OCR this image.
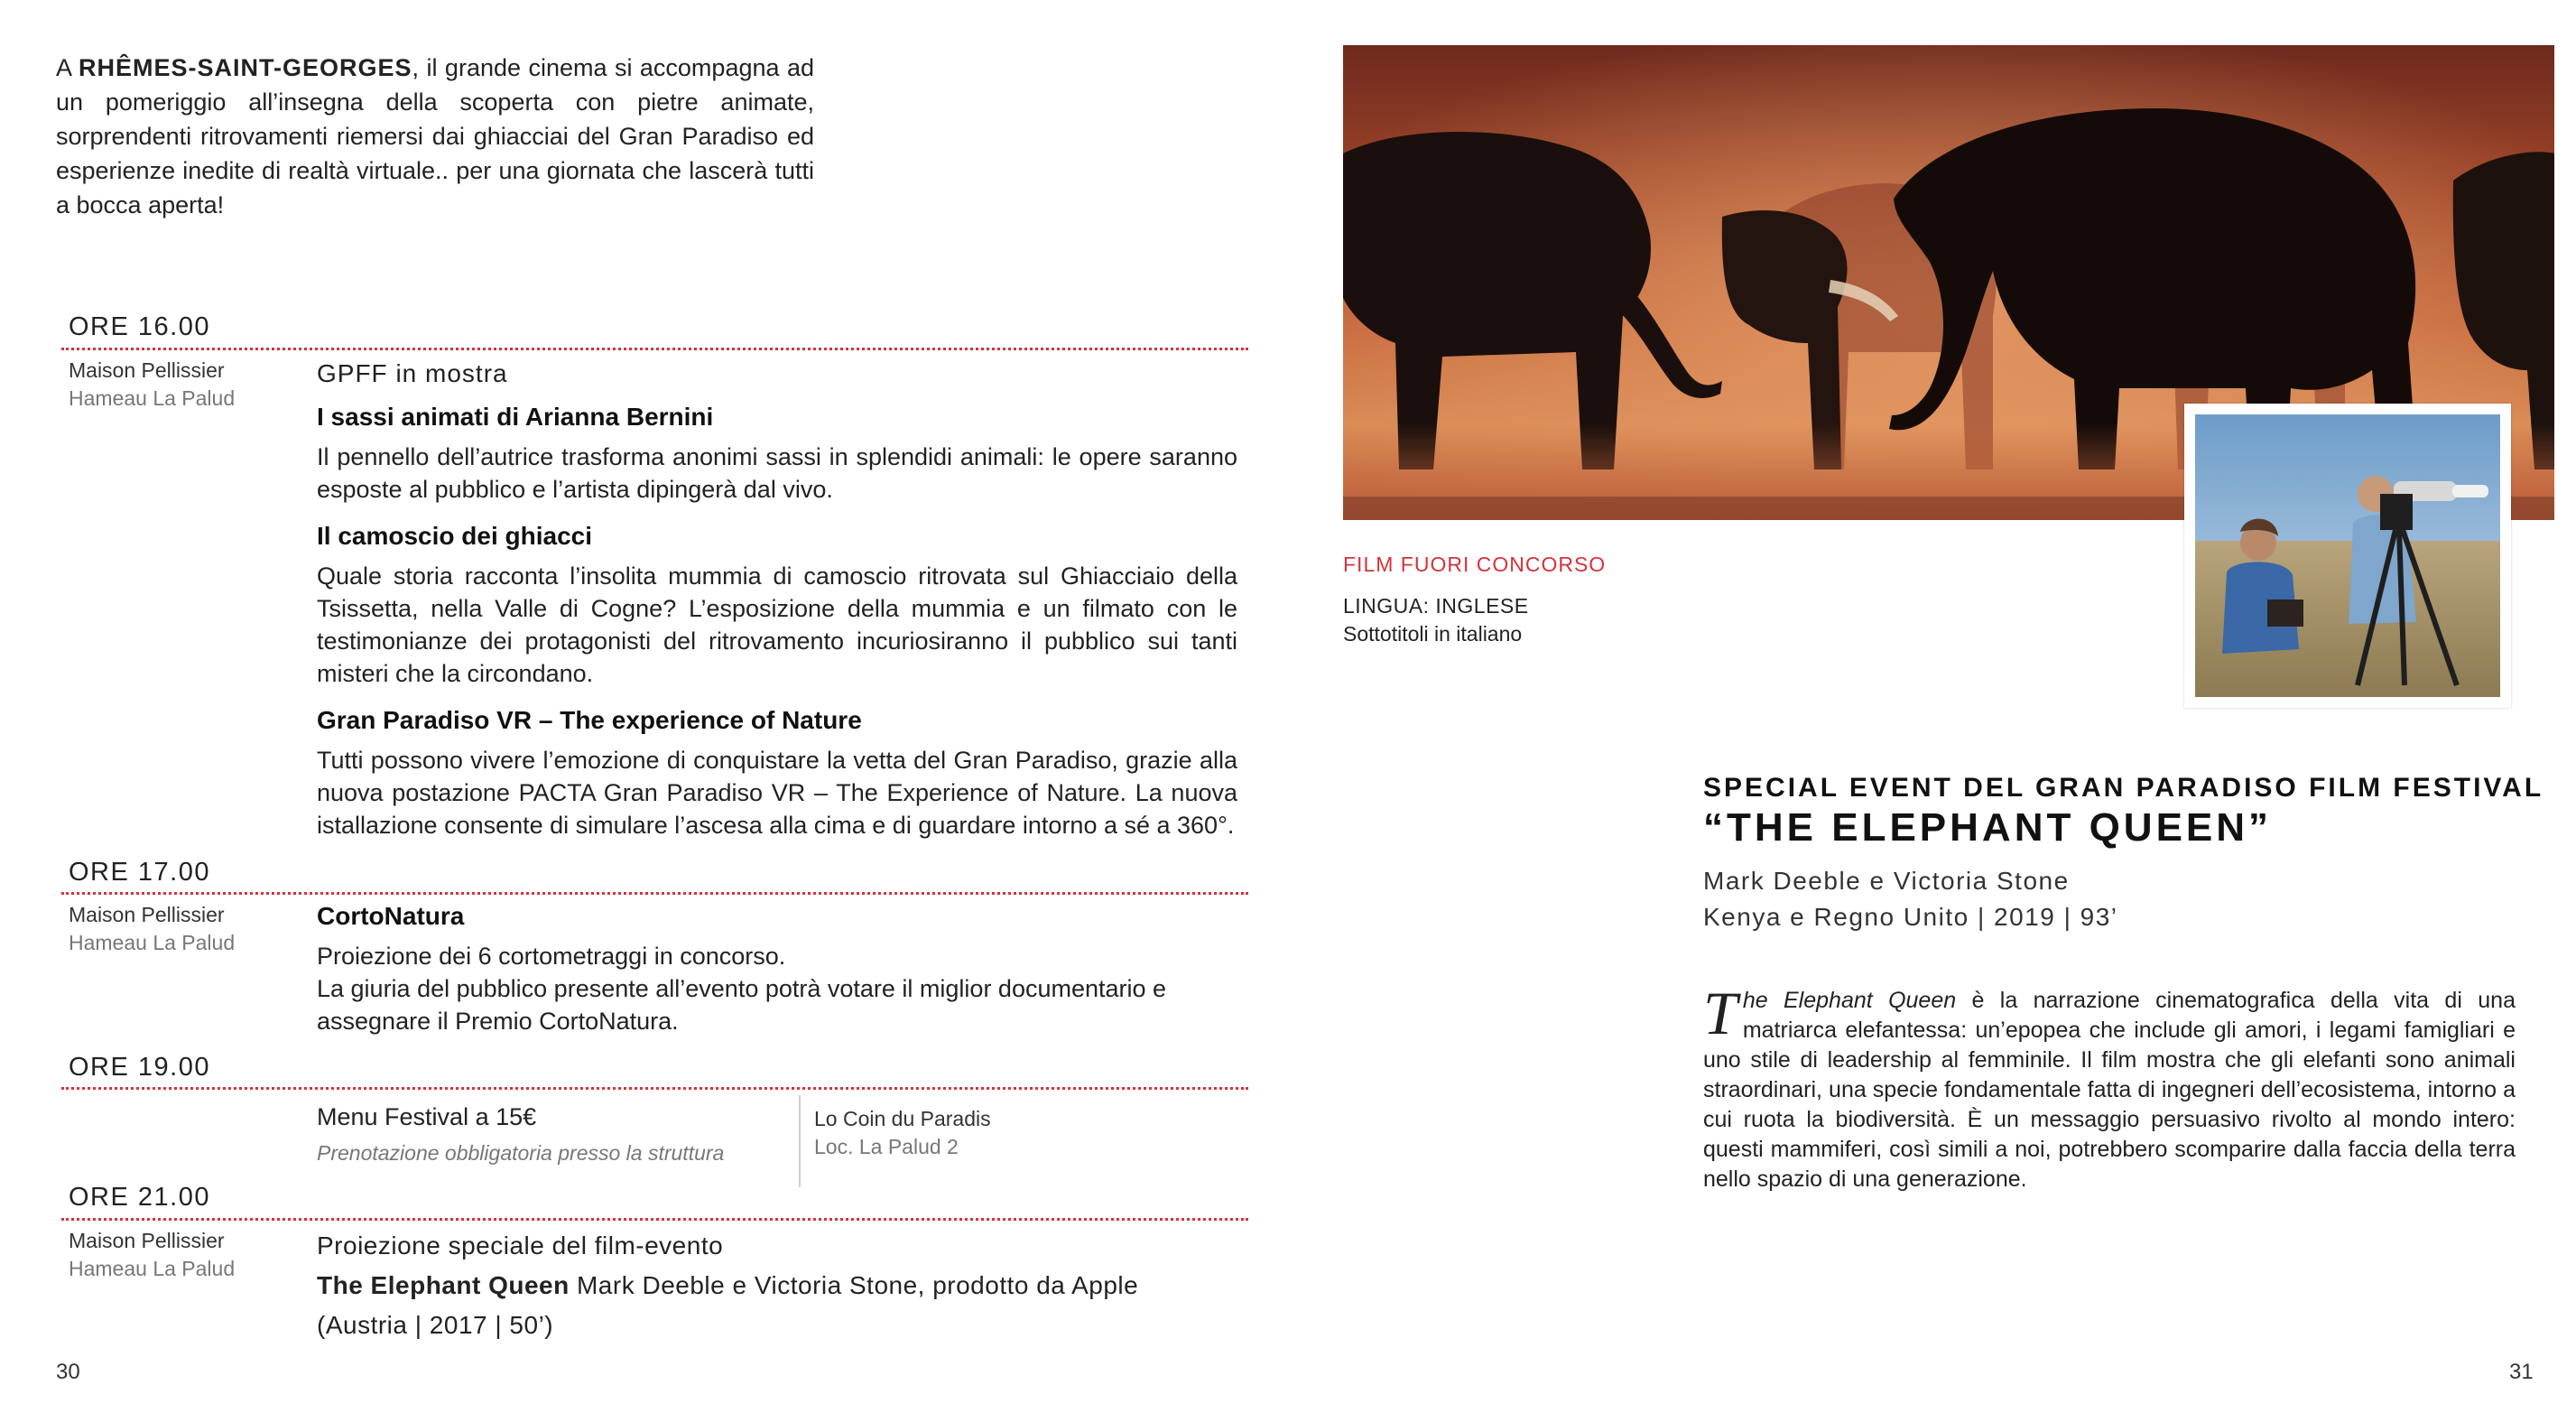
A RHÊMES-SAINT-GEORGES, il grande cinema si accompagna ad un pomeriggio all’insegna della scoperta con pietre animate, sorprendenti ritrovamenti riemersi dai ghiacciai del Gran Paradiso ed esperienze inedite di realtà virtuale.. per una giornata che lascerà tutti a bocca aperta!
ORE 16.00
Maison Pellissier
Hameau La Palud
GPFF in mostra

I sassi animati di Arianna Bernini

Il pennello dell’autrice trasforma anonimi sassi in splendidi animali: le opere saranno esposte al pubblico e l’artista dipingerà dal vivo.

Il camoscio dei ghiacci

Quale storia racconta l’insolita mummia di camoscio ritrovata sul Ghiacciaio della Tsissetta, nella Valle di Cogne? L’esposizione della mummia e un filmato con le testimonianze dei protagonisti del ritrovamento incuriosiranno il pubblico sui tanti misteri che la circondano.

Gran Paradiso VR – The experience of Nature

Tutti possono vivere l’emozione di conquistare la vetta del Gran Paradiso, grazie alla nuova postazione PACTA Gran Paradiso VR – The Experience of Nature. La nuova istallazione consente di simulare l’ascesa alla cima e di guardare intorno a sé a 360°.

ORE 17.00
Maison Pellissier
Hameau La Palud

CortoNatura

Proiezione dei 6 cortometraggi in concorso.

La giuria del pubblico presente all’evento potrà votare il miglior documentario e assegnare il Premio CortoNatura.

ORE 19.00
Menu Festival a 15€
Prenotazione obbligatoria presso la struttura
Lo Coin du Paradis
Loc. La Palud 2
ORE 21.00
Maison Pellissier
Hameau La Palud
Proiezione speciale del film-evento
The Elephant Queen Mark Deeble e Victoria Stone, prodotto da Apple
(Austria | 2017 | 50’)
30
FILM FUORI CONCORSO
LINGUA: INGLESE
Sottotitoli in italiano
SPECIAL EVENT DEL GRAN PARADISO FILM FESTIVAL
“THE ELEPHANT QUEEN”
Mark Deeble e Victoria Stone
Kenya e Regno Unito | 2019 | 93’
The Elephant Queen è la narrazione cinematografica della vita di una matriarca elefantessa: un’epopea che include gli amori, i legami famigliari e uno stile di leadership al femminile. Il film mostra che gli elefanti sono animali straordinari, una specie fondamentale fatta di ingegneri dell’ecosistema, intorno a cui ruota la biodiversità. È un messaggio persuasivo rivolto al mondo intero: questi mammiferi, così simili a noi, potrebbero scomparire dalla faccia della terra nello spazio di una generazione.
31
